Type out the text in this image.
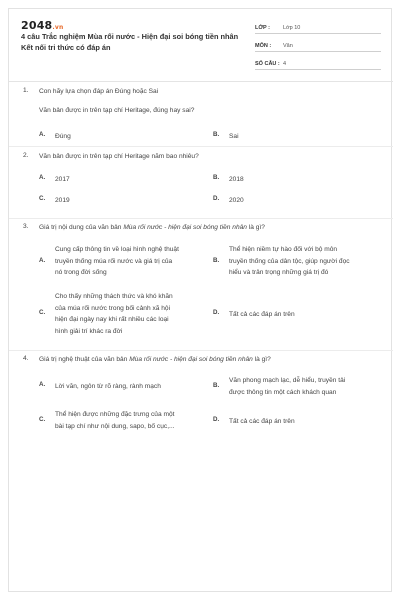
2048.vn
4 câu Trắc nghiệm Mùa rối nước - Hiện đại soi bóng tiền nhân Kết nối tri thức có đáp án
LỚP :	Lớp 10
MÔN :	Văn
SỐ CÂU : 4
1. Con hãy lựa chọn đáp án Đúng hoặc Sai
Văn bản được in trên tạp chí Heritage, đúng hay sai?
A. Đúng	B. Sai
2. Văn bản được in trên tạp chí Heritage năm bao nhiêu?
A. 2017	B. 2018
C. 2019	D. 2020
3. Giá trị nội dung của văn bản Mùa rối nước - hiện đại soi bóng tiền nhân là gì?
A.
Cung cấp thông tin về loại hình nghệ thuật
truyền thống múa rối nước và giá trị của
nó trong đời sống
B.
Thể hiện niềm tự hào đối với bộ môn
truyền thống của dân tộc, giúp người đọc
hiểu và trân trọng những giá trị đó
C.
Cho thấy những thách thức và khó khăn
của múa rối nước trong bối cảnh xã hội
hiện đại ngày nay khi rất nhiều các loại
hình giải trí khác ra đời
D. Tất cả các đáp án trên
4. Giá trị nghệ thuật của văn bản Mùa rối nước - hiện đại soi bóng tiền nhân là gì?
A. Lời văn, ngôn từ rõ ràng, rành mạch	B.
Văn phong mạch lạc, dễ hiểu, truyền tải
được thông tin một cách khách quan
C.
Thể hiện được những đặc trưng của một
bài tạp chí như nội dung, sapo, bố cục,...
D. Tất cả các đáp án trên
